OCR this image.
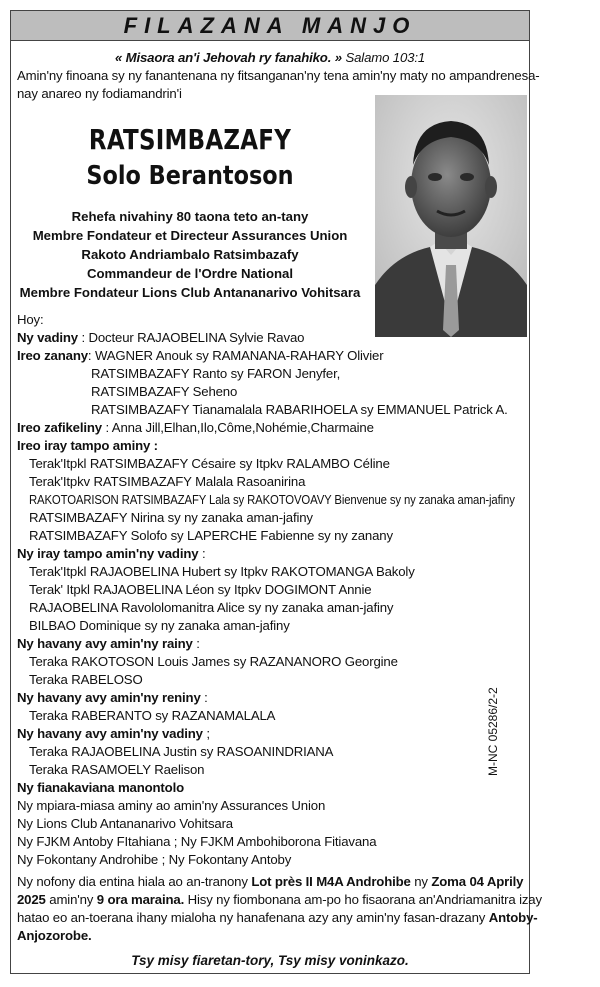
FILAZANA MANJO
« Misaora an'i Jehovah ry fanahiko. » Salamo 103:1
Amin'ny finoana sy ny fanantenana ny fitsanganan'ny tena amin'ny maty no ampandrenesa-
nay anareo ny fodiamandrin'i
RATSIMBAZAFY
Solo Berantoson
Rehefa nivahiny 80 taona teto an-tany
Membre Fondateur et Directeur Assurances Union
Rakoto Andriambalo Ratsimbazafy
Commandeur de l'Ordre National
Membre Fondateur Lions Club Antananarivo Vohitsara
Hoy:
Ny vadiny : Docteur RAJAOBELINA Sylvie Ravao
Ireo zanany: WAGNER Anouk sy RAMANANA-RAHARY Olivier
RATSIMBAZAFY Ranto sy FARON Jenyfer,
RATSIMBAZAFY Seheno
RATSIMBAZAFY Tianamalala RABARIHOELA sy EMMANUEL Patrick A.
Ireo zafikeliny : Anna Jill,Elhan,Ilo,Côme,Nohémie,Charmaine
Ireo iray tampo aminy :
Terak'Itpkl RATSIMBAZAFY Césaire sy Itpkv RALAMBO Céline
Terak'Itpkv RATSIMBAZAFY Malala Rasoanirina
RAKOTOARISON RATSIMBAZAFY Lala sy RAKOTOVOAVY Bienvenue sy ny zanaka aman-jafiny
RATSIMBAZAFY Nirina sy ny zanaka aman-jafiny
RATSIMBAZAFY Solofo sy LAPERCHE Fabienne sy ny zanany
Ny iray tampo amin'ny vadiny :
Terak'Itpkl RAJAOBELINA Hubert sy Itpkv RAKOTOMANGA Bakoly
Terak' Itpkl RAJAOBELINA Léon sy Itpkv DOGIMONT Annie
RAJAOBELINA Ravololomanitra Alice sy ny zanaka aman-jafiny
BILBAO Dominique sy ny zanaka aman-jafiny
Ny havany avy amin'ny rainy :
Teraka RAKOTOSON Louis James sy RAZANANORO Georgine
Teraka RABELOSO
Ny havany avy amin'ny reniny :
Teraka RABERANTO sy RAZANAMALALA
Ny havany avy amin'ny vadiny ;
Teraka RAJAOBELINA Justin sy RASOANINDRIANA
Teraka RASAMOELY Raelison
Ny fianakaviana manontolo
Ny mpiara-miasa aminy ao amin'ny Assurances Union
Ny Lions Club Antananarivo Vohitsara
Ny FJKM Antoby FItahiana ; Ny FJKM Ambohiborona Fitiavana
Ny Fokontany Androhibe ; Ny Fokontany Antoby
Ny nofony dia entina hiala ao an-tranony Lot près II M4A Androhibe ny Zoma 04 Aprily
2025 amin'ny 9 ora maraina. Hisy ny fiombonana am-po ho fisaorana an'Andriamanitra izay
hatao eo an-toerana ihany mialoha ny hanafenana azy any amin'ny fasan-drazany Antoby-
Anjozorobe.
Tsy misy fiaretan-tory, Tsy misy voninkazo.
M-NC 05286/2-2
